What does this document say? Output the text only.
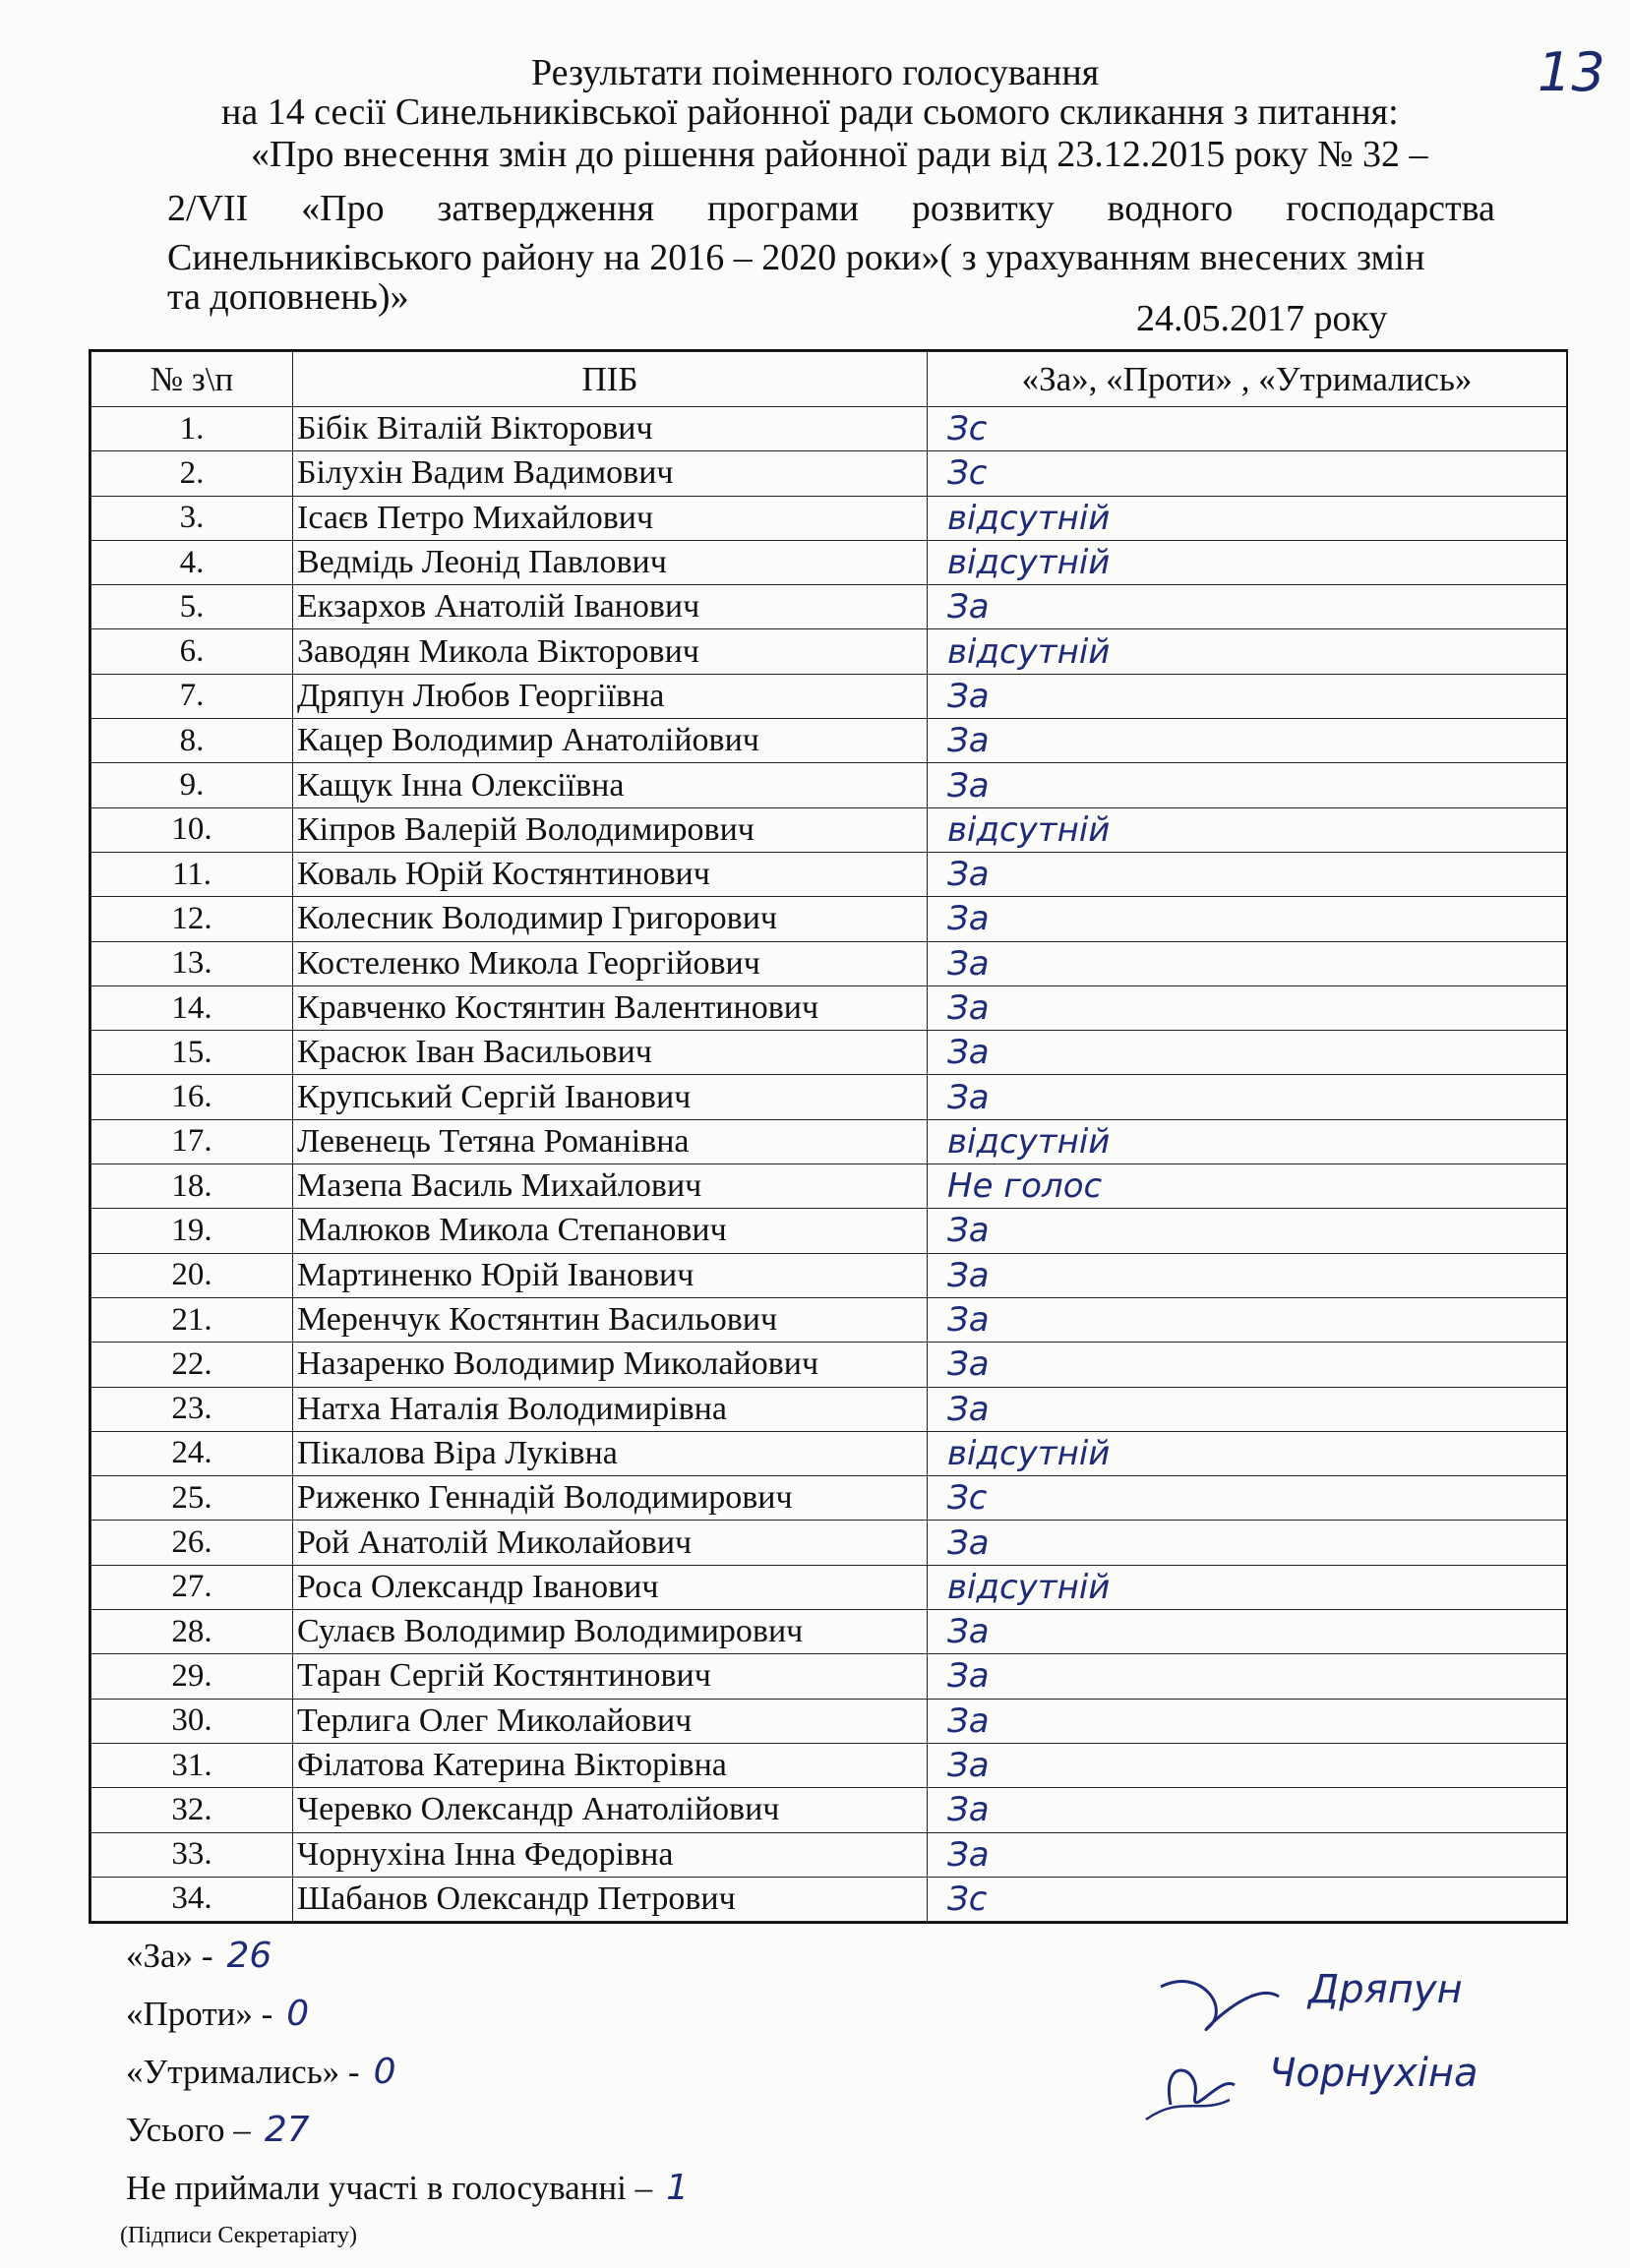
13
Результати поіменного голосування
на 14 сесії Синельниківської районної ради сьомого скликання з питання:
«Про внесення змін до рішення районної ради від 23.12.2015 року № 32 –
2/VII «Про затвердження програми розвитку водного господарства
Синельниківського району на 2016 – 2020 роки»( з урахуванням внесених змін
та доповнень)»
24.05.2017 року
№ з\п	ПІБ	«За», «Проти» , «Утримались»
1.	Бібік Віталій Вікторович	Зс
2.	Білухін Вадим Вадимович	Зс
3.	Ісаєв Петро Михайлович	відсутній
4.	Ведмідь Леонід Павлович	відсутній
5.	Екзархов Анатолій Іванович	За
6.	Заводян Микола Вікторович	відсутній
7.	Дряпун Любов Георгіївна	За
8.	Кацер Володимир Анатолійович	За
9.	Кащук Інна Олексіївна	За
10.	Кіпров Валерій Володимирович	відсутній
11.	Коваль Юрій Костянтинович	За
12.	Колесник Володимир Григорович	За
13.	Костеленко Микола Георгійович	За
14.	Кравченко Костянтин Валентинович	За
15.	Красюк Іван Васильович	За
16.	Крупський Сергій Іванович	За
17.	Левенець Тетяна Романівна	відсутній
18.	Мазепа Василь Михайлович	Не голос
19.	Малюков Микола Степанович	За
20.	Мартиненко Юрій Іванович	За
21.	Меренчук Костянтин Васильович	За
22.	Назаренко Володимир Миколайович	За
23.	Натха Наталія Володимирівна	За
24.	Пікалова Віра Луківна	відсутній
25.	Риженко Геннадій Володимирович	Зс
26.	Рой Анатолій Миколайович	За
27.	Роса Олександр Іванович	відсутній
28.	Сулаєв Володимир Володимирович	За
29.	Таран Сергій Костянтинович	За
30.	Терлига Олег Миколайович	За
31.	Філатова Катерина Вікторівна	За
32.	Черевко Олександр Анатолійович	За
33.	Чорнухіна Інна Федорівна	За
34.	Шабанов Олександр Петрович	Зс
«За» - 26
«Проти» - 0
«Утримались» - 0
Усього – 27
Не приймали участі в голосуванні – 1
(Підписи Секретаріату)
Дряпун
Чорнухіна
